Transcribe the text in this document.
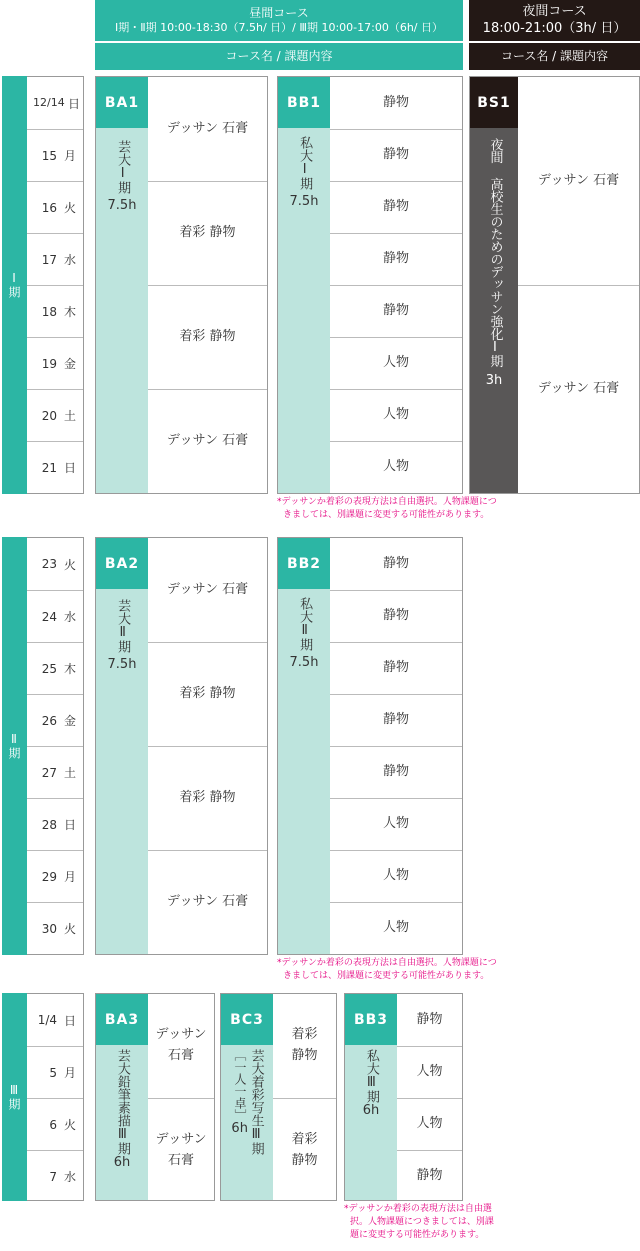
昼間コース
Ⅰ期・Ⅱ期 10:00-18:30（7.5h/ 日）/ Ⅲ期 10:00-17:00（6h/ 日）
コース名 / 課題内容
夜間コース
18:00-21:00（3h/ 日）
コース名 / 課題内容
Ⅰ期
12/14 日
15 月
16 火
17 水
18 木
19 金
20 土
21 日
BA1
芸大Ⅰ期
7.5h
デッサン 石膏
着彩 静物
着彩 静物
デッサン 石膏
BB1
私大Ⅰ期
7.5h
静物
静物
静物
静物
静物
人物
人物
人物
BS1
夜間 高校生のためのデッサン強化Ⅰ期
3h
デッサン 石膏
デッサン 石膏
*デッサンか着彩の表現方法は自由選択。人物課題につ
きましては、別課題に変更する可能性があります。
Ⅱ期
23 火
24 水
25 木
26 金
27 土
28 日
29 月
30 火
BA2
芸大Ⅱ期
7.5h
デッサン 石膏
着彩 静物
着彩 静物
デッサン 石膏
BB2
私大Ⅱ期
7.5h
静物
静物
静物
静物
静物
人物
人物
人物
*デッサンか着彩の表現方法は自由選択。人物課題につ
きましては、別課題に変更する可能性があります。
Ⅲ期
1/4 日
5 月
6 火
7 水
BA3
芸大鉛筆素描Ⅲ期
6h
デッサン
石膏
デッサン
石膏
BC3
芸大着彩写生Ⅲ期
［一人一卓］
6h
着彩
静物
着彩
静物
BB3
私大Ⅲ期
6h
静物
人物
人物
静物
*デッサンか着彩の表現方法は自由選
択。人物課題につきましては、別課
題に変更する可能性があります。
